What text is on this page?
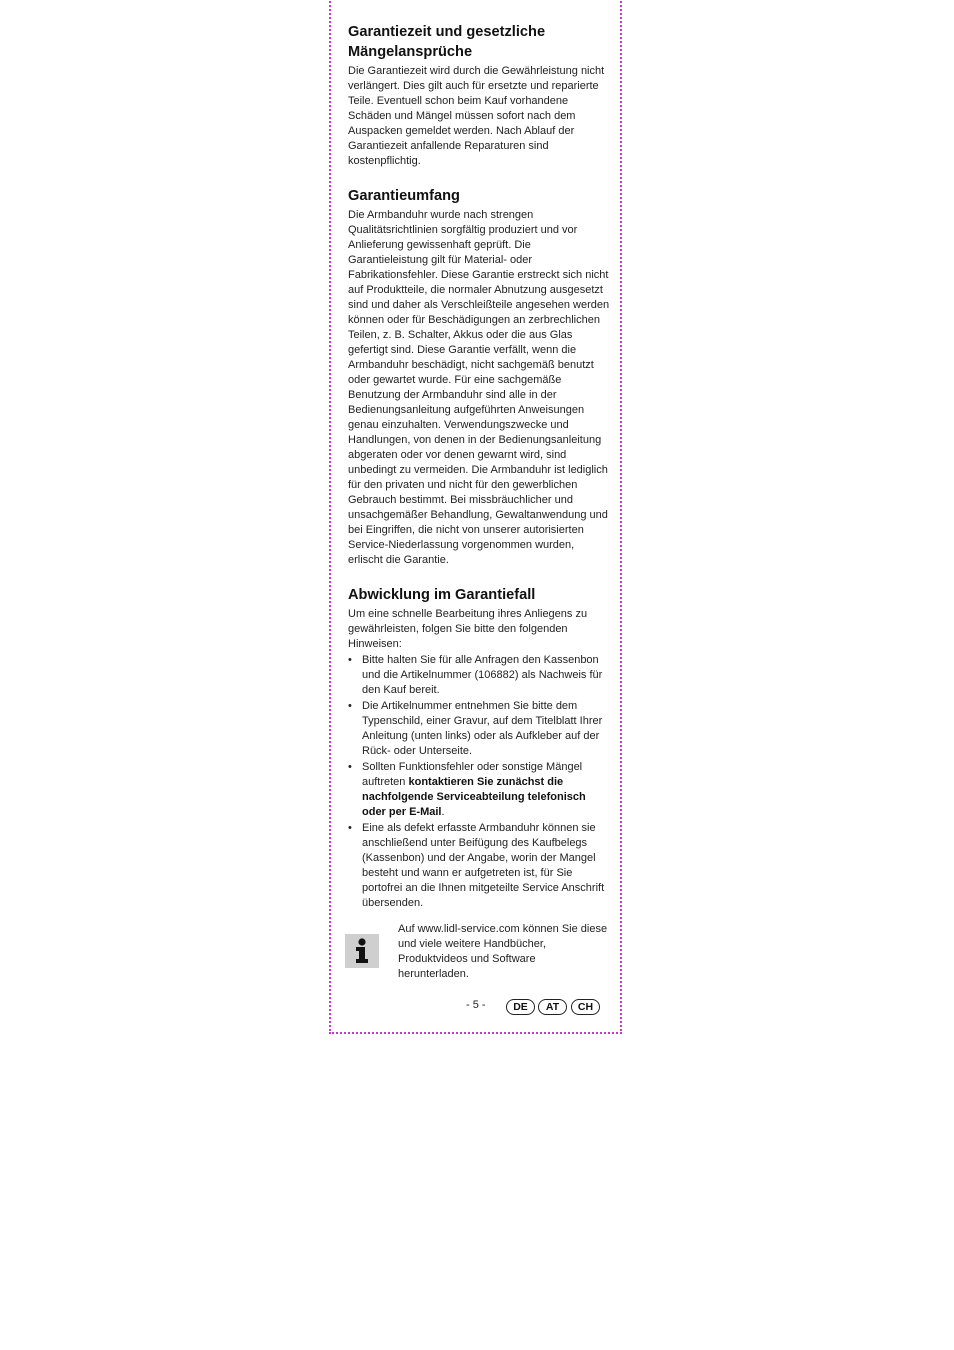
Garantiezeit und gesetzliche
Mängelansprüche

Die Garantiezeit wird durch die Gewährleistung nicht verlängert. Dies gilt auch für ersetzte und reparierte Teile. Eventuell schon beim Kauf vorhandene Schäden und Mängel müssen sofort nach dem Auspacken gemeldet werden. Nach Ablauf der Garantiezeit anfallende Reparaturen sind kostenpflichtig.

Garantieumfang

Die Armbanduhr wurde nach strengen Qualitätsrichtlinien sorgfältig produziert und vor Anlieferung gewissenhaft geprüft. Die Garantieleistung gilt für Material- oder Fabrikationsfehler. Diese Garantie erstreckt sich nicht auf Produktteile, die normaler Abnutzung ausgesetzt sind und daher als Verschleißteile angesehen werden können oder für Beschädigungen an zerbrechlichen Teilen, z. B. Schalter, Akkus oder die aus Glas gefertigt sind. Diese Garantie verfällt, wenn die Armbanduhr beschädigt, nicht sachgemäß benutzt oder gewartet wurde. Für eine sachgemäße Benutzung der Armbanduhr sind alle in der Bedienungsanleitung aufgeführten Anweisungen genau einzuhalten. Verwendungszwecke und Handlungen, von denen in der Bedienungsanleitung abgeraten oder vor denen gewarnt wird, sind unbedingt zu vermeiden. Die Armbanduhr ist lediglich für den privaten und nicht für den gewerblichen Gebrauch bestimmt. Bei missbräuchlicher und unsachgemäßer Behandlung, Gewaltanwendung und bei Eingriffen, die nicht von unserer autorisierten Service-Niederlassung vorgenommen wurden, erlischt die Garantie.

Abwicklung im Garantiefall

Um eine schnelle Bearbeitung ihres Anliegens zu gewährleisten, folgen Sie bitte den folgenden Hinweisen:

• Bitte halten Sie für alle Anfragen den Kassenbon und die Artikelnummer (106882) als Nachweis für den Kauf bereit.
• Die Artikelnummer entnehmen Sie bitte dem Typenschild, einer Gravur, auf dem Titelblatt Ihrer Anleitung (unten links) oder als Aufkleber auf der Rück- oder Unterseite.
• Sollten Funktionsfehler oder sonstige Mängel auftreten kontaktieren Sie zunächst die nachfolgende Serviceabteilung telefonisch oder per E-Mail.
• Eine als defekt erfasste Armbanduhr können sie anschließend unter Beifügung des Kaufbelegs (Kassenbon) und der Angabe, worin der Mangel besteht und wann er aufgetreten ist, für Sie portofrei an die Ihnen mitgeteilte Service Anschrift übersenden.
Auf www.lidl-service.com können Sie diese und viele weitere Handbücher, Produktvideos und Software herunterladen.
- 5 -	DE	AT	CH
